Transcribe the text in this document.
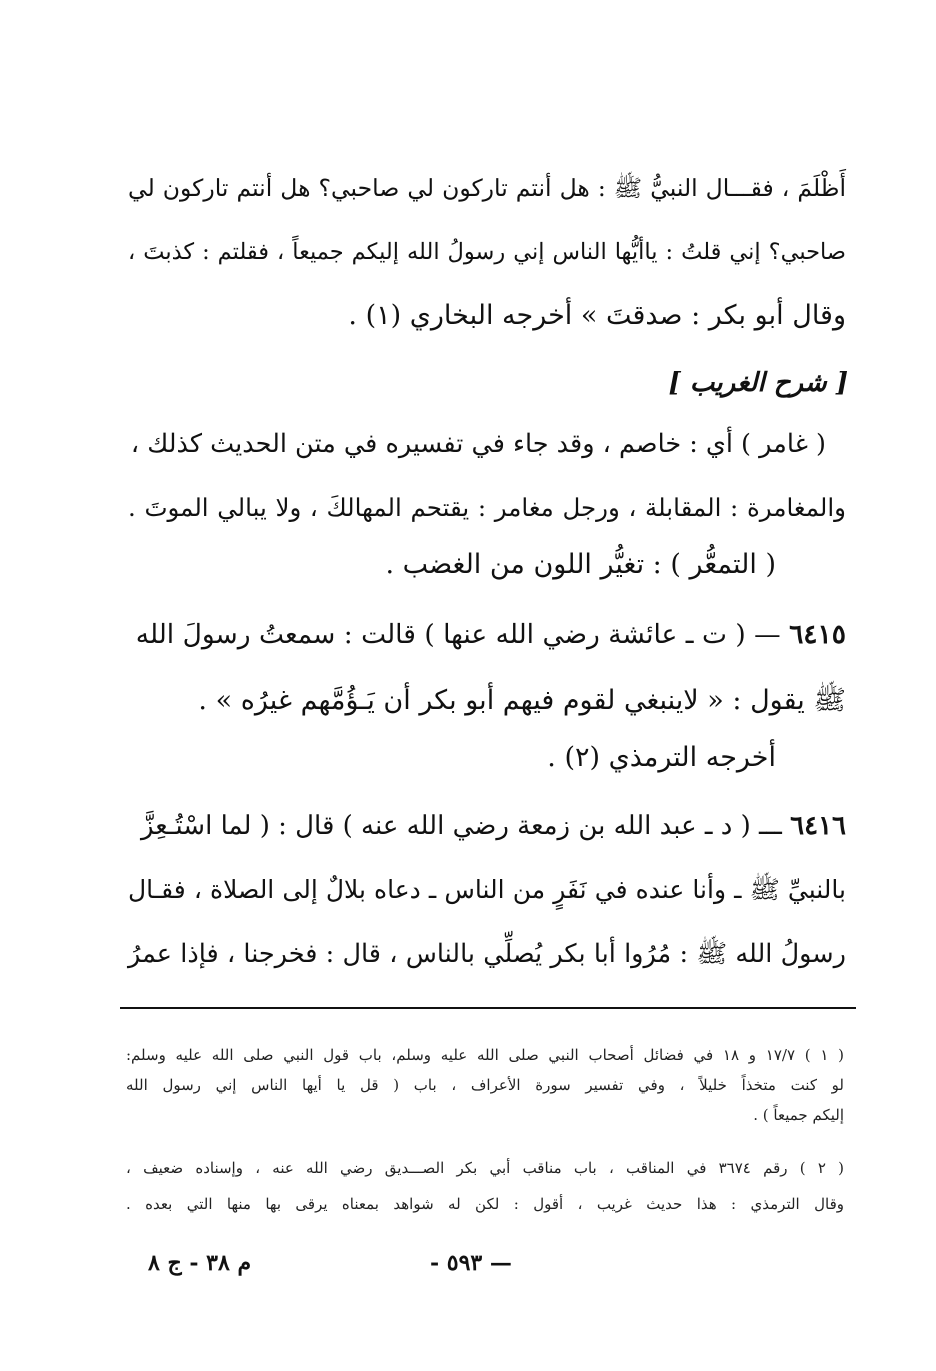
أَظْلَمَ ، فقـــال النبيُّ ﷺ : هل أنتم تاركون لي صاحبي؟ هل أنتم تاركون لي
صاحبي؟ إني قلتُ : ياأيُّها الناس إني رسولُ الله إليكم جميعاً ، فقلتم : كذبتَ ،
وقال أبو بكر : صدقتَ » أخرجه البخاري (١) .
[ شرح الغريب ]
( غامر ) أي : خاصم ، وقد جاء في تفسيره في متن الحديث كذلك ،
والمغامرة : المقابلة ، ورجل مغامر : يقتحم المهالكَ ، ولا يبالي الموتَ .
( التمعُّر ) : تغيُّر اللون من الغضب .
٦٤١٥ — ( ت ـ عائشة رضي الله عنها ) قالت : سمعتُ رسولَ الله
ﷺ يقول : « لاينبغي لقوم فيهم أبو بكر أن يَـؤُمَّهم غيرُه » .
أخرجه الترمذي (٢) .
٦٤١٦ ـــ ( د ـ عبد الله بن زمعة رضي الله عنه ) قال : ( لما اسْتُـعِزَّ
بالنبيِّ ﷺ ـ وأنا عنده في نَفَرٍ من الناس ـ دعاه بلالٌ إلى الصلاة ، فقـال
رسولُ الله ﷺ : مُرُوا أبا بكر يُصلِّي بالناس ، قال : فخرجنا ، فإذا عمرُ
( ١ ) ١٧/٧ و ١٨ في فضائل أصحاب النبي صلى الله عليه وسلم، باب قول النبي صلى الله عليه وسلم:
لو كنت متخذاً خليلاً ، وفي تفسير سورة الأعراف ، باب ( قل يا أيها الناس إني رسول الله
إليكم جميعاً ) .
( ٢ ) رقم ٣٦٧٤ في المناقب ، باب مناقب أبي بكر الصـــديق رضي الله عنه ، وإسناده ضعيف ،
وقال الترمذي : هذا حديث غريب ، أقول : لكن له شواهد بمعناه يرقى بها منها التي بعده .
م ٣٨ - ج ٨	— ٥٩٣ -
